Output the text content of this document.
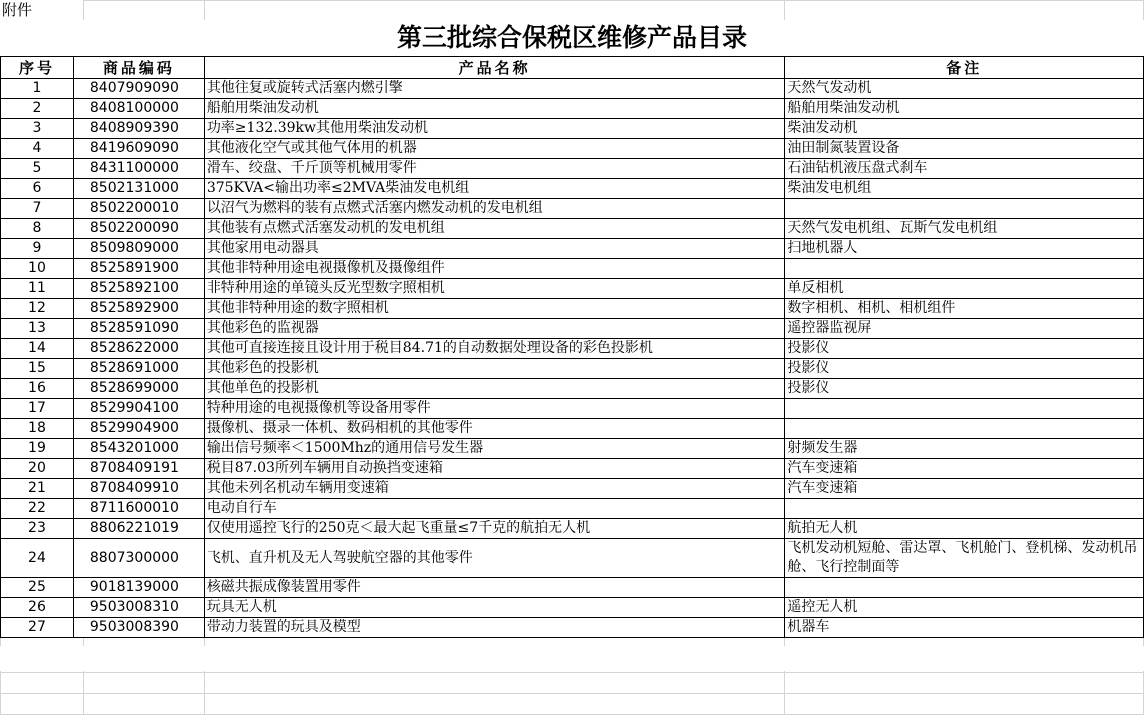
附件
第三批综合保税区维修产品目录
序号	商品编码	产品名称	备注
1	8407909090	其他往复或旋转式活塞内燃引擎	天然气发动机
2	8408100000	船舶用柴油发动机	船舶用柴油发动机
3	8408909390	功率≥132.39kw其他用柴油发动机	柴油发动机
4	8419609090	其他液化空气或其他气体用的机器	油田制氮装置设备
5	8431100000	滑车、绞盘、千斤顶等机械用零件	石油钻机液压盘式刹车
6	8502131000	375KVA<输出功率≤2MVA柴油发电机组	柴油发电机组
7	8502200010	以沼气为燃料的装有点燃式活塞内燃发动机的发电机组	
8	8502200090	其他装有点燃式活塞发动机的发电机组	天然气发电机组、瓦斯气发电机组
9	8509809000	其他家用电动器具	扫地机器人
10	8525891900	其他非特种用途电视摄像机及摄像组件	
11	8525892100	非特种用途的单镜头反光型数字照相机	单反相机
12	8525892900	其他非特种用途的数字照相机	数字相机、相机、相机组件
13	8528591090	其他彩色的监视器	遥控器监视屏
14	8528622000	其他可直接连接且设计用于税目84.71的自动数据处理设备的彩色投影机	投影仪
15	8528691000	其他彩色的投影机	投影仪
16	8528699000	其他单色的投影机	投影仪
17	8529904100	特种用途的电视摄像机等设备用零件	
18	8529904900	摄像机、摄录一体机、数码相机的其他零件	
19	8543201000	输出信号频率＜1500Mhz的通用信号发生器	射频发生器
20	8708409191	税目87.03所列车辆用自动换挡变速箱	汽车变速箱
21	8708409910	其他未列名机动车辆用变速箱	汽车变速箱
22	8711600010	电动自行车	
23	8806221019	仅使用遥控飞行的250克＜最大起飞重量≤7千克的航拍无人机	航拍无人机
24	8807300000	飞机、直升机及无人驾驶航空器的其他零件	飞机发动机短舱、雷达罩、飞机舱门、登机梯、发动机吊舱、飞行控制面等
25	9018139000	核磁共振成像装置用零件	
26	9503008310	玩具无人机	遥控无人机
27	9503008390	带动力装置的玩具及模型	机器车
